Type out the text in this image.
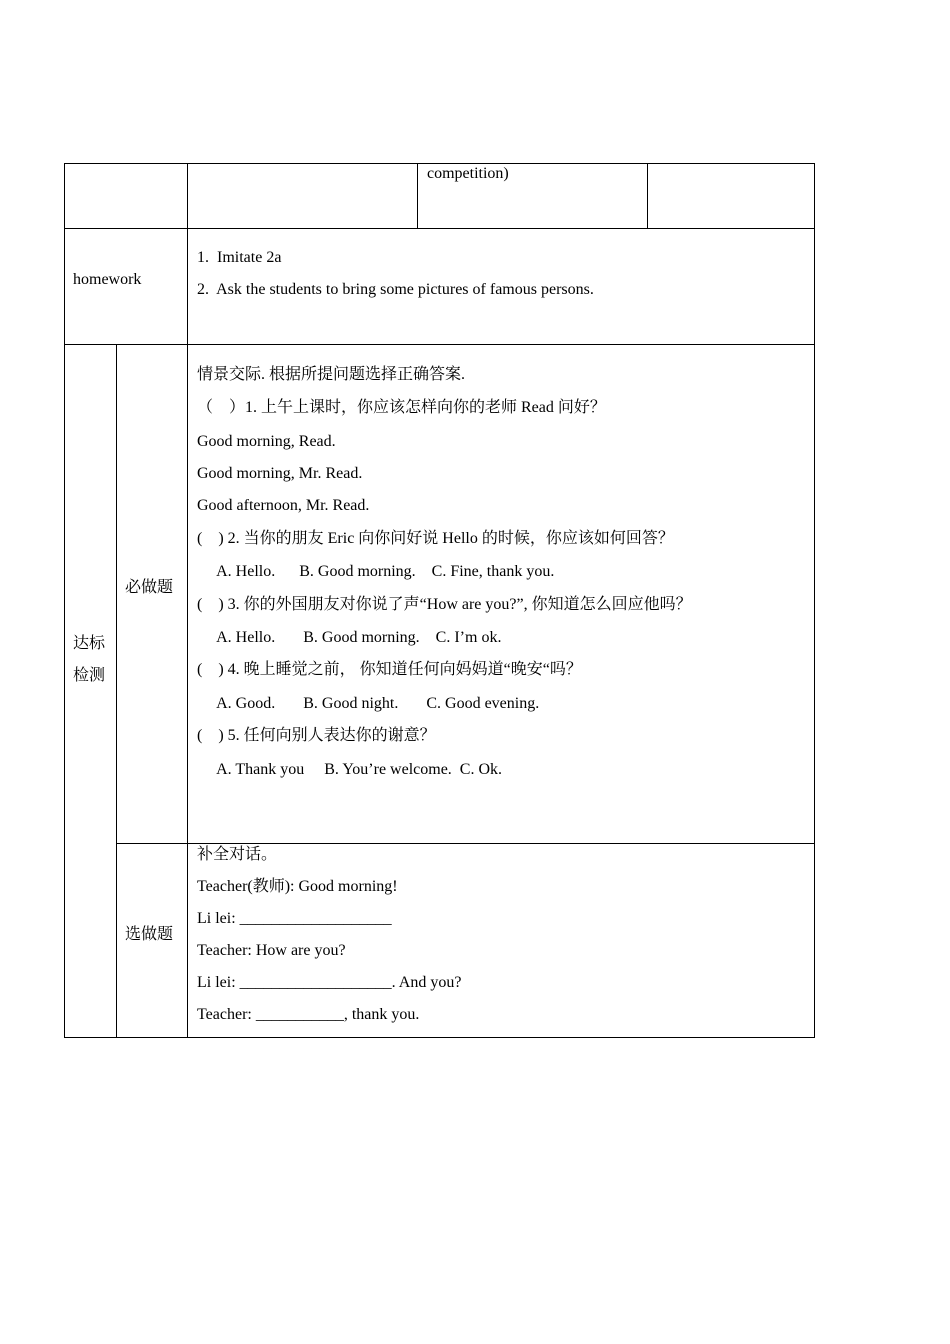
competition)
homework
1.  Imitate 2a
2.  Ask the students to bring some pictures of famous persons.
达标
检测
必做题
情景交际. 根据所提问题选择正确答案.
（    ）1. 上午上课时，你应该怎样向你的老师 Read 问好？
Good morning, Read.
Good morning, Mr. Read.
Good afternoon, Mr. Read.
(    ) 2. 当你的朋友 Eric 向你问好说 Hello 的时候，你应该如何回答？
A. Hello.      B. Good morning.    C. Fine, thank you.
(    ) 3. 你的外国朋友对你说了声“How are you?”, 你知道怎么回应他吗？
A. Hello.       B. Good morning.    C. I’m ok.
(    ) 4. 晚上睡觉之前， 你知道任何向妈妈道“晚安“吗？
A. Good.       B. Good night.       C. Good evening.
(    ) 5. 任何向别人表达你的谢意？
A. Thank you     B. You’re welcome.  C. Ok.
选做题
补全对话。
Teacher(教师): Good morning!
Li lei: ___________________
Teacher: How are you?
Li lei: ___________________. And you?
Teacher: ___________, thank you.
